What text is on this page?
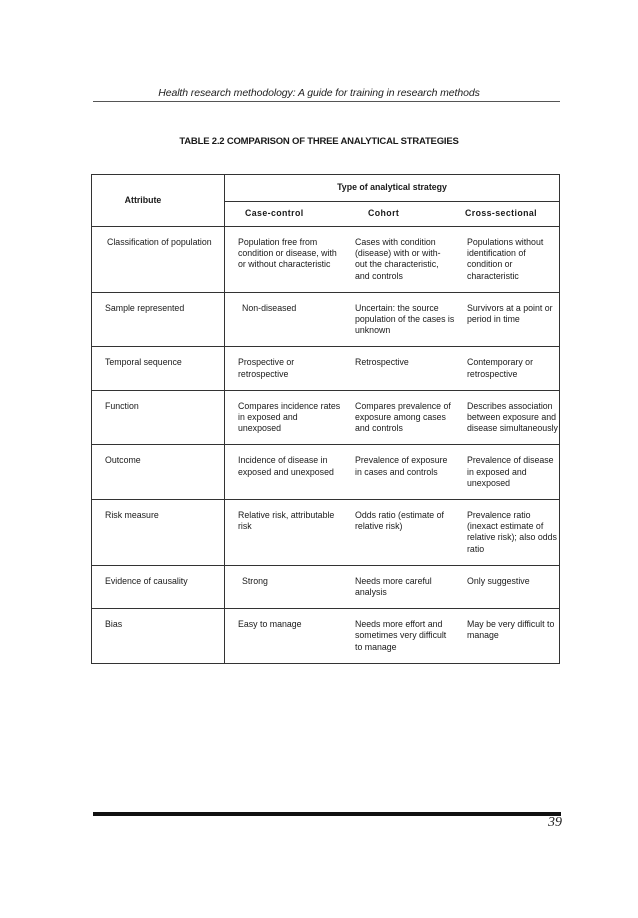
Health research methodology: A guide for training in research methods
TABLE 2.2 COMPARISON OF THREE ANALYTICAL STRATEGIES
Attribute	Type of analytical strategy		
	Case-control	Cohort	Cross-sectional
Classification of population	Population free from condition or disease, with or without characteristic	Cases with condition (disease) with or with- out the characteristic, and controls	Populations without identification of condition or characteristic
Sample represented	Non-diseased	Uncertain: the source population of the cases is unknown	Survivors at a point or period in time
Temporal sequence	Prospective or retrospective	Retrospective	Contemporary or retrospective
Function	Compares incidence rates in exposed and unexposed	Compares prevalence of exposure among cases and controls	Describes association between exposure and disease simultaneously
Outcome	Incidence of disease in exposed and unexposed	Prevalence of exposure in cases and controls	Prevalence of disease in exposed and unexposed
Risk measure	Relative risk, attributable risk	Odds ratio (estimate of relative risk)	Prevalence ratio (inexact estimate of relative risk); also odds ratio
Evidence of causality	Strong	Needs more careful analysis	Only suggestive
Bias	Easy to manage	Needs more effort and sometimes very difficult to manage	May be very difficult to manage
39
